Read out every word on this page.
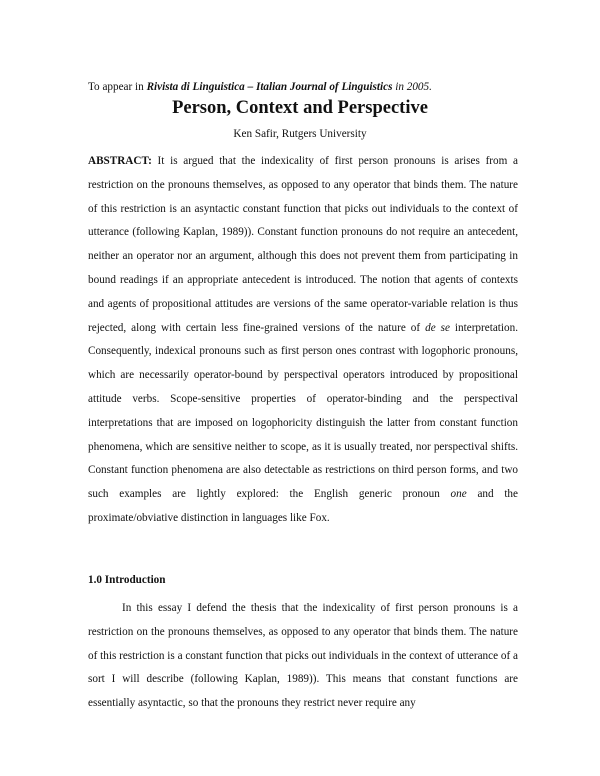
To appear in Rivista di Linguistica – Italian Journal of Linguistics in 2005.
Person, Context and Perspective
Ken Safir, Rutgers University
ABSTRACT: It is argued that the indexicality of first person pronouns is arises from a restriction on the pronouns themselves, as opposed to any operator that binds them. The nature of this restriction is an asyntactic constant function that picks out individuals to the context of utterance (following Kaplan, 1989)). Constant function pronouns do not require an antecedent, neither an operator nor an argument, although this does not prevent them from participating in bound readings if an appropriate antecedent is introduced. The notion that agents of contexts and agents of propositional attitudes are versions of the same operator-variable relation is thus rejected, along with certain less fine-grained versions of the nature of de se interpretation. Consequently, indexical pronouns such as first person ones contrast with logophoric pronouns, which are necessarily operator-bound by perspectival operators introduced by propositional attitude verbs. Scope-sensitive properties of operator-binding and the perspectival interpretations that are imposed on logophoricity distinguish the latter from constant function phenomena, which are sensitive neither to scope, as it is usually treated, nor perspectival shifts. Constant function phenomena are also detectable as restrictions on third person forms, and two such examples are lightly explored: the English generic pronoun one and the proximate/obviative distinction in languages like Fox.
1.0 Introduction
In this essay I defend the thesis that the indexicality of first person pronouns is a restriction on the pronouns themselves, as opposed to any operator that binds them. The nature of this restriction is a constant function that picks out individuals in the context of utterance of a sort I will describe (following Kaplan, 1989)). This means that constant functions are essentially asyntactic, so that the pronouns they restrict never require any
